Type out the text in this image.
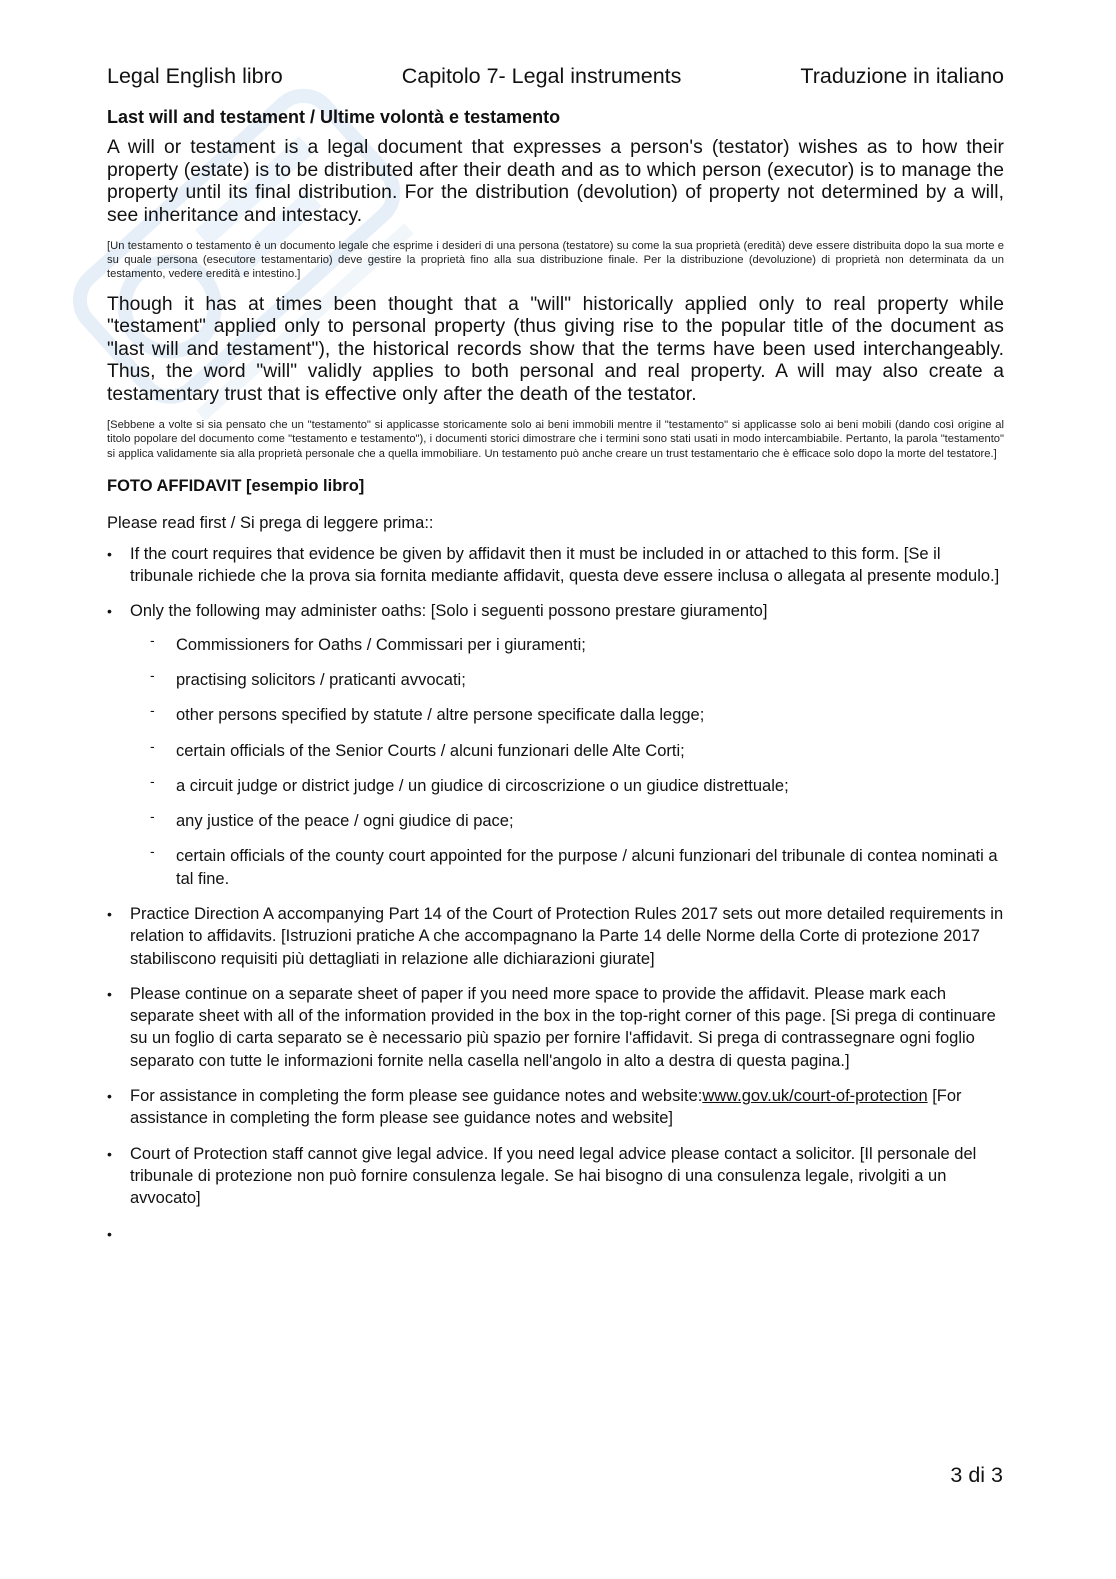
Legal English libro	Capitolo 7- Legal instruments	Traduzione in italiano
Last will and testament / Ultime volontà e testamento

A will or testament is a legal document that expresses a person's (testator) wishes as to how their property (estate) is to be distributed after their death and as to which person (executor) is to manage the property until its final distribution. For the distribution (devolution) of property not determined by a will, see inheritance and intestacy.

[Un testamento o testamento è un documento legale che esprime i desideri di una persona (testatore) su come la sua proprietà (eredità) deve essere distribuita dopo la sua morte e su quale persona (esecutore testamentario) deve gestire la proprietà fino alla sua distribuzione finale. Per la distribuzione (devoluzione) di proprietà non determinata da un testamento, vedere eredità e intestino.]

Though it has at times been thought that a "will" historically applied only to real property while "testament" applied only to personal property (thus giving rise to the popular title of the document as "last will and testament"), the historical records show that the terms have been used interchangeably. Thus, the word "will" validly applies to both personal and real property. A will may also create a testamentary trust that is effective only after the death of the testator.

[Sebbene a volte si sia pensato che un "testamento" si applicasse storicamente solo ai beni immobili mentre il "testamento" si applicasse solo ai beni mobili (dando così origine al titolo popolare del documento come "testamento e testamento"), i documenti storici dimostrare che i termini sono stati usati in modo intercambiabile. Pertanto, la parola "testamento" si applica validamente sia alla proprietà personale che a quella immobiliare. Un testamento può anche creare un trust testamentario che è efficace solo dopo la morte del testatore.]

FOTO AFFIDAVIT [esempio libro]
Please read first / Si prega di leggere prima::
• If the court requires that evidence be given by affidavit then it must be included in or attached to this form. [Se il tribunale richiede che la prova sia fornita mediante affidavit, questa deve essere inclusa o allegata al presente modulo.]
• Only the following may administer oaths: [Solo i seguenti possono prestare giuramento]
- Commissioners for Oaths / Commissari per i giuramenti;
- practising solicitors / praticanti avvocati;
- other persons specified by statute / altre persone specificate dalla legge;
- certain officials of the Senior Courts / alcuni funzionari delle Alte Corti;
- a circuit judge or district judge / un giudice di circoscrizione o un giudice distrettuale;
- any justice of the peace / ogni giudice di pace;
- certain officials of the county court appointed for the purpose / alcuni funzionari del tribunale di contea nominati a tal fine.
• Practice Direction A accompanying Part 14 of the Court of Protection Rules 2017 sets out more detailed requirements in relation to affidavits. [Istruzioni pratiche A che accompagnano la Parte 14 delle Norme della Corte di protezione 2017 stabiliscono requisiti più dettagliati in relazione alle dichiarazioni giurate]
• Please continue on a separate sheet of paper if you need more space to provide the affidavit. Please mark each separate sheet with all of the information provided in the box in the top-right corner of this page. [Si prega di continuare su un foglio di carta separato se è necessario più spazio per fornire l'affidavit. Si prega di contrassegnare ogni foglio separato con tutte le informazioni fornite nella casella nell'angolo in alto a destra di questa pagina.]
• For assistance in completing the form please see guidance notes and website:www.gov.uk/court-of-protection [For assistance in completing the form please see guidance notes and website]
• Court of Protection staff cannot give legal advice. If you need legal advice please contact a solicitor. [Il personale del tribunale di protezione non può fornire consulenza legale. Se hai bisogno di una consulenza legale, rivolgiti a un avvocato]
•

3 di 3
